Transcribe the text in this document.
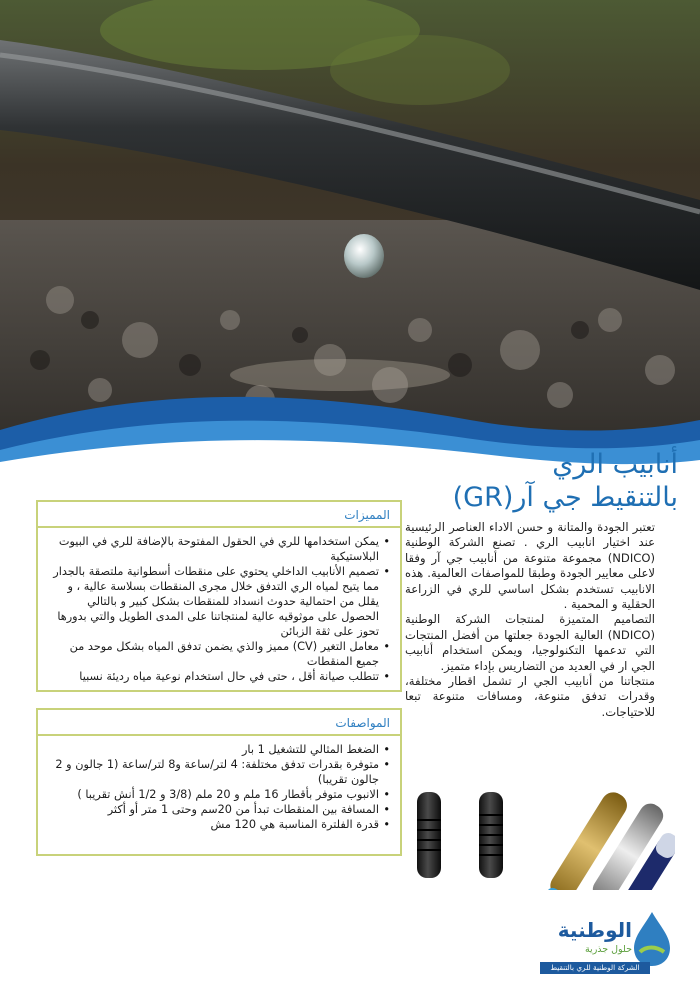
أنابيب الري
بالتنقيط جي آر(GR)

تعتبر الجودة والمتانة و حسن الاداء العناصر الرئيسية عند اختيار انابيب الري . تصنع الشركة الوطنية (NDICO) مجموعة متنوعة من أنابيب جي آر وفقا لاعلى معايير الجودة وطبقا للمواصفات العالمية. هذه الانابيب تستخدم بشكل اساسي للري في الزراعة الحقلية و المحمية .

التصاميم المتميزة لمنتجات الشركة الوطنية (NDICO) العالية الجودة جعلتها من أفضل المنتجات التي تدعمها التكنولوجيا، ويمكن استخدام أنابيب الجي ار في العديد من التضاريس بإداء متميز.

منتجاتنا من أنابيب الجي ار تشمل اقطار مختلفة، وقدرات تدفق متنوعة، ومسافات متنوعة تبعا للاحتياجات.

المميزات
• يمكن استخدامها للري في الحقول المفتوحة بالإضافة للري في البيوت البلاستيكية
• تصميم الأنابيب الداخلي يحتوي على منقطات أسطوانية ملتصقة بالجدار مما يتيح لمياه الري التدفق خلال مجرى المنقطات بسلاسة عالية ، و يقلل من احتمالية حدوث انسداد للمنقطات بشكل كبير و بالتالي الحصول على موثوقيه عالية لمنتجاتنا على المدى الطويل والتي بدورها تحوز على ثقة الزبائن
• معامل التغير (CV) مميز والذي يضمن تدفق المياه بشكل موحد من جميع المنقطات
• تتطلب صيانة أقل ، حتى في حال استخدام نوعية مياه رديئة نسبيا
المواصفات
• الضغط المثالي للتشغيل 1 بار
• متوفرة بقدرات تدفق مختلفة: 4 لتر/ساعة و8 لتر/ساعة (1 جالون و 2 جالون تقريبا)
• الانبوب متوفر بأقطار 16 ملم و 20 ملم (3/8 و 1/2 أنش تقريبا )
• المسافة بين المنقطات تبدأ من 20سم وحتى 1 متر أو أكثر
• قدرة الفلترة المناسبة هي 120 مش
الوطنية
حلول جذرية
الشركة الوطنية للري بالتنقيط
